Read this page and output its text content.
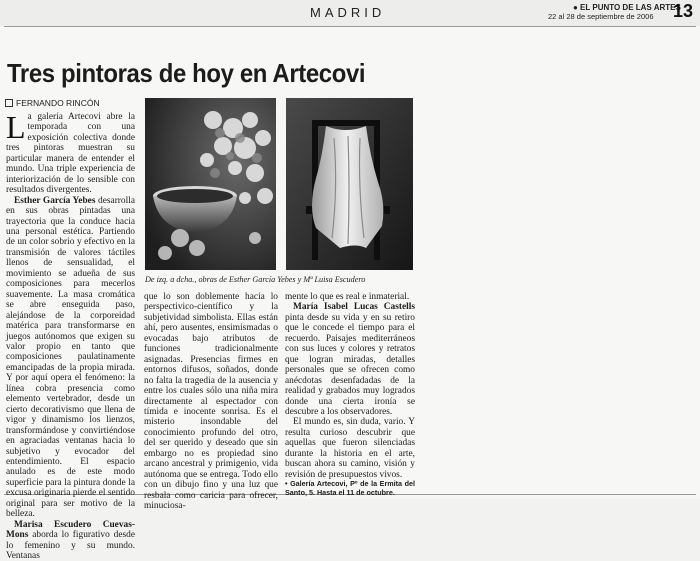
MADRID	● EL PUNTO DE LAS ARTES
22 al 28 de septiembre de 2006 13
Tres pintoras de hoy en Artecovi
FERNANDO RINCÓN

La galería Artecovi abre la temporada con una exposición colectiva donde tres pintoras muestran su particular manera de entender el mundo. Una triple experiencia de interiorización de lo sensible con resultados divergentes.

Esther García Yebes desarrolla en sus obras pintadas una trayectoria que la conduce hacia una personal estética. Partiendo de un color sobrio y efectivo en la transmisión de valores táctiles llenos de sensualidad, el movimiento se adueña de sus composiciones para mecerlos suavemente. La masa cromática se abre enseguida paso, alejándose de la corporeidad matérica para transformarse en juegos autónomos que exigen su valor propio en tanto que composiciones paulatinamente emancipadas de la propia mirada. Y por aquí opera el fenómeno: la línea cobra presencia como elemento vertebrador, desde un cierto decorativismo que llena de vigor y dinamismo los lienzos, transformándose y convirtiéndose en agraciadas ventanas hacia lo subjetivo y evocador del entendimiento. El espacio anulado es de este modo superficie para la pintura donde la excusa originaria pierde el sentido original para ser motivo de la belleza.

Marisa Escudero Cuevas-Mons aborda lo figurativo desde lo femenino y su mundo. Ventanas

De izq. a dcha., obras de Esther García Yebes y Mª Luisa Escudero

que lo son doblemente hacia lo perspectivico-científico y la subjetividad simbolista. Ellas están ahí, pero ausentes, ensimismadas o evocadas bajo atributos de funciones tradicionalmente asignadas. Presencias firmes en entornos difusos, soñados, donde no falta la tragedia de la ausencia y entre los cuales sólo una niña mira directamente al espectador con tímida e inocente sonrisa. Es el misterio insondable del conocimiento profundo del otro, del ser querido y deseado que sin embargo no es propiedad sino arcano ancestral y primigenio, vida autónoma que se entrega. Todo ello con un dibujo fino y una luz que resbala como caricia para ofrecer, minuciosa-

mente lo que es real e inmaterial.

María Isabel Lucas Castells pinta desde su vida y en su retiro que le concede el tiempo para el recuerdo. Paisajes mediterráneos con sus luces y colores y retratos que logran miradas, detalles personales que se ofrecen como anécdotas desenfadadas de la realidad y grabados muy logrados donde una cierta ironía se descubre a los observadores.

El mundo es, sin duda, vario. Y resulta curioso descubrir que aquellas que fueron silenciadas durante la historia en el arte, buscan ahora su camino, visión y revisión de presupuestos vivos.

• Galería Artecovi, Pº de la Ermita del Santo, 5. Hasta el 11 de octubre.
